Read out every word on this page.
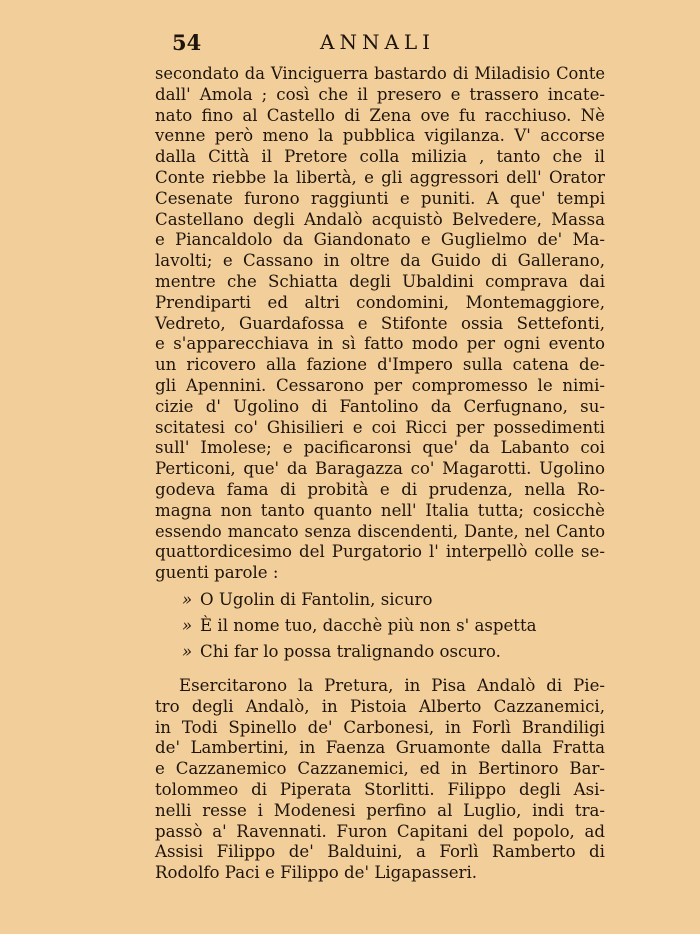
54	ANNALI
secondato da Vinciguerra bastardo di Miladisio Conte
dall' Amola ; così che il presero e trassero incate-
nato fino al Castello di Zena ove fu racchiuso. Nè
venne però meno la pubblica vigilanza. V' accorse
dalla Città il Pretore colla milizia , tanto che il
Conte riebbe la libertà, e gli aggressori dell' Orator
Cesenate furono raggiunti e puniti. A que' tempi
Castellano degli Andalò acquistò Belvedere, Massa
e Piancaldolo da Giandonato e Guglielmo de' Ma-
lavolti; e Cassano in oltre da Guido di Gallerano,
mentre che Schiatta degli Ubaldini comprava dai
Prendiparti ed altri condomini, Montemaggiore,
Vedreto, Guardafossa e Stifonte ossia Settefonti,
e s'apparecchiava in sì fatto modo per ogni evento
un ricovero alla fazione d'Impero sulla catena de-
gli Apennini. Cessarono per compromesso le nimi-
cizie d' Ugolino di Fantolino da Cerfugnano, su-
scitatesi co' Ghisilieri e coi Ricci per possedimenti
sull' Imolese; e pacificaronsi que' da Labanto coi
Perticoni, que' da Baragazza co' Magarotti. Ugolino
godeva fama di probità e di prudenza, nella Ro-
magna non tanto quanto nell' Italia tutta; cosicchè
essendo mancato senza discendenti, Dante, nel Canto
quattordicesimo del Purgatorio l' interpellò colle se-
guenti parole :
» O Ugolin di Fantolin, sicuro
» È il nome tuo, dacchè più non s' aspetta
» Chi far lo possa tralignando oscuro.
Esercitarono la Pretura, in Pisa Andalò di Pie-
tro degli Andalò, in Pistoia Alberto Cazzanemici,
in Todi Spinello de' Carbonesi, in Forlì Brandiligi
de' Lambertini, in Faenza Gruamonte dalla Fratta
e Cazzanemico Cazzanemici, ed in Bertinoro Bar-
tolommeo di Piperata Storlitti. Filippo degli Asi-
nelli resse i Modenesi perfino al Luglio, indi tra-
passò a' Ravennati. Furon Capitani del popolo, ad
Assisi Filippo de' Balduini, a Forlì Ramberto di
Rodolfo Paci e Filippo de' Ligapasseri.
